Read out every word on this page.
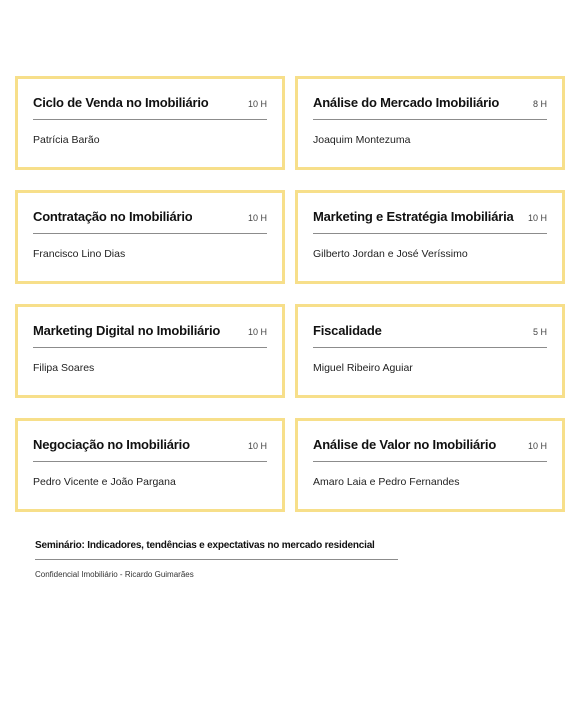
Ciclo de Venda no Imobiliário	10 H
Patrícia Barão
Análise do Mercado Imobiliário	8 H
Joaquim Montezuma
Contratação no Imobiliário	10 H
Francisco Lino Dias
Marketing e Estratégia Imobiliária 10 H
Gilberto Jordan e José Veríssimo
Marketing Digital no Imobiliário	10 H
Filipa Soares
Fiscalidade	5 H
Miguel Ribeiro Aguiar
Negociação no Imobiliário	10 H
Pedro Vicente e João Pargana
Análise de Valor no Imobiliário	10 H
Amaro Laia e Pedro Fernandes
Seminário: Indicadores, tendências e expectativas no mercado residencial
Confidencial Imobiliário - Ricardo Guimarães
